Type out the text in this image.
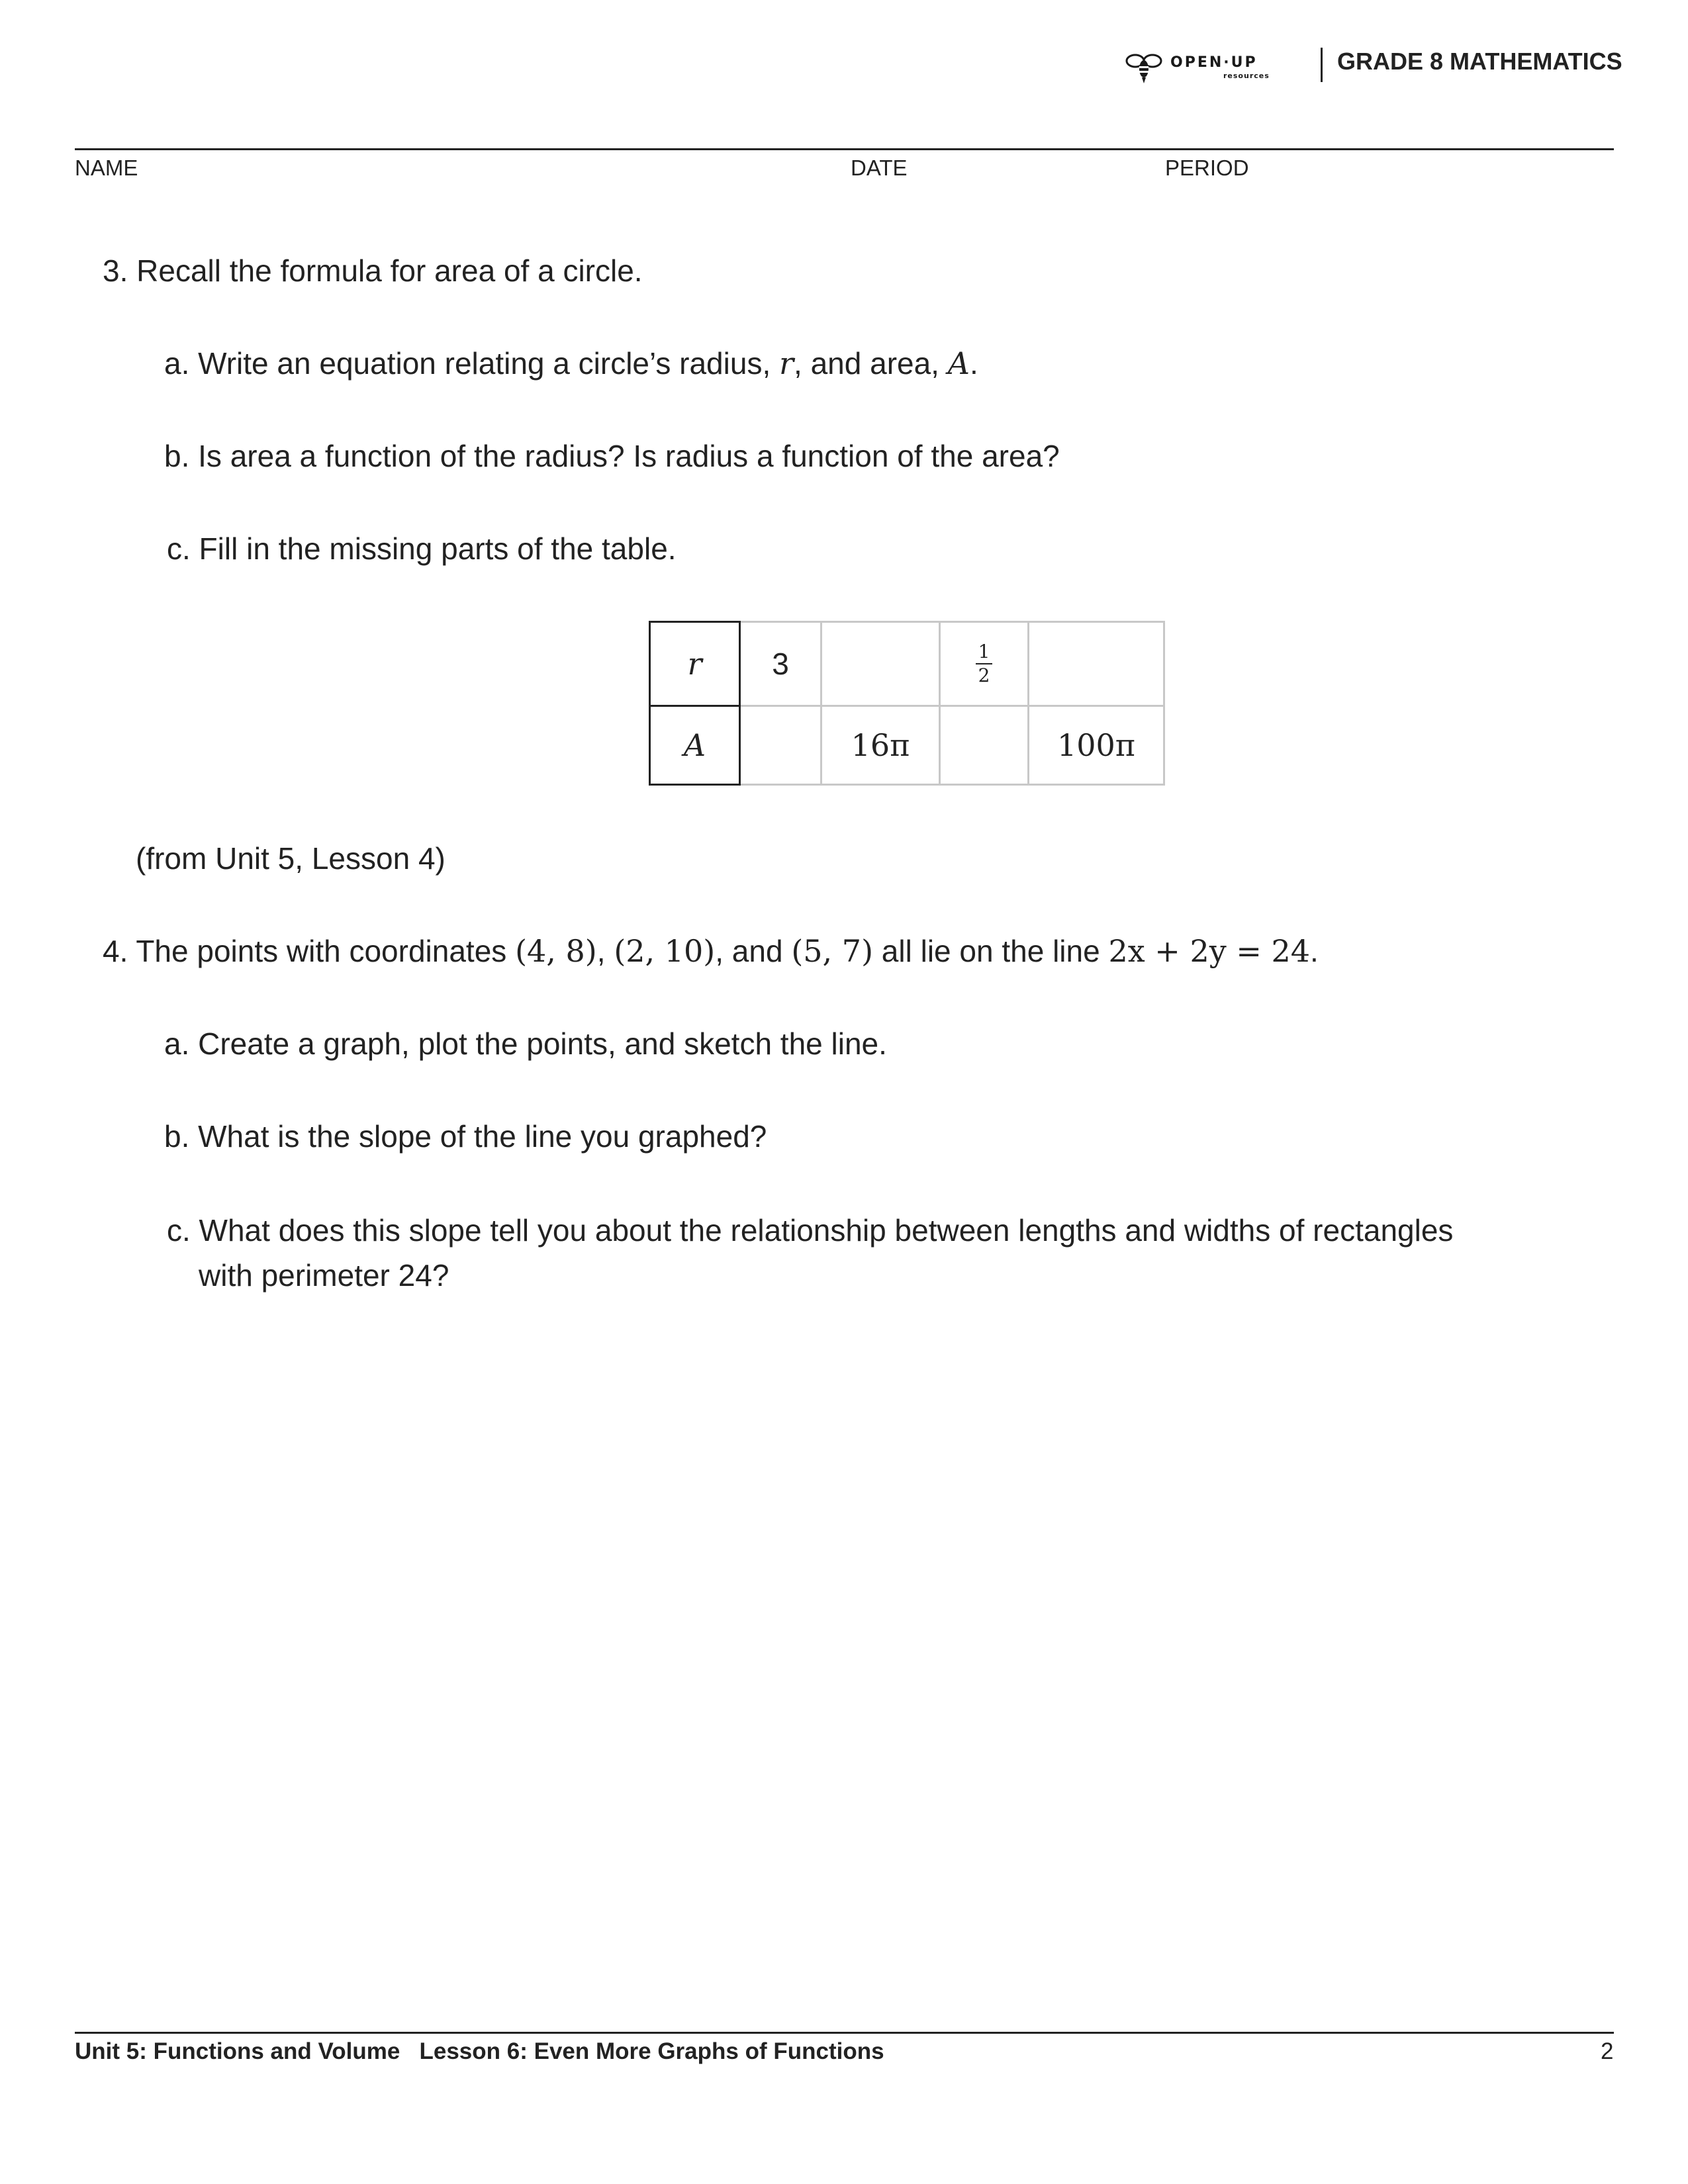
OPEN·UP
resources
GRADE 8 MATHEMATICS
NAME	DATE	PERIOD
3. Recall the formula for area of a circle.
a. Write an equation relating a circle’s radius, r, and area, A.
b. Is area a function of the radius? Is radius a function of the area?
c. Fill in the missing parts of the table.
r	3		$\frac{1}{2}$

A		16π		100π
(from Unit 5, Lesson 4)
4. The points with coordinates (4, 8), (2, 10), and (5, 7) all lie on the line 2x + 2y = 24.
a. Create a graph, plot the points, and sketch the line.
b. What is the slope of the line you graphed?
c. What does this slope tell you about the relationship between lengths and widths of rectangles
with perimeter 24?
Unit 5: Functions and Volume Lesson 6: Even More Graphs of Functions	2
